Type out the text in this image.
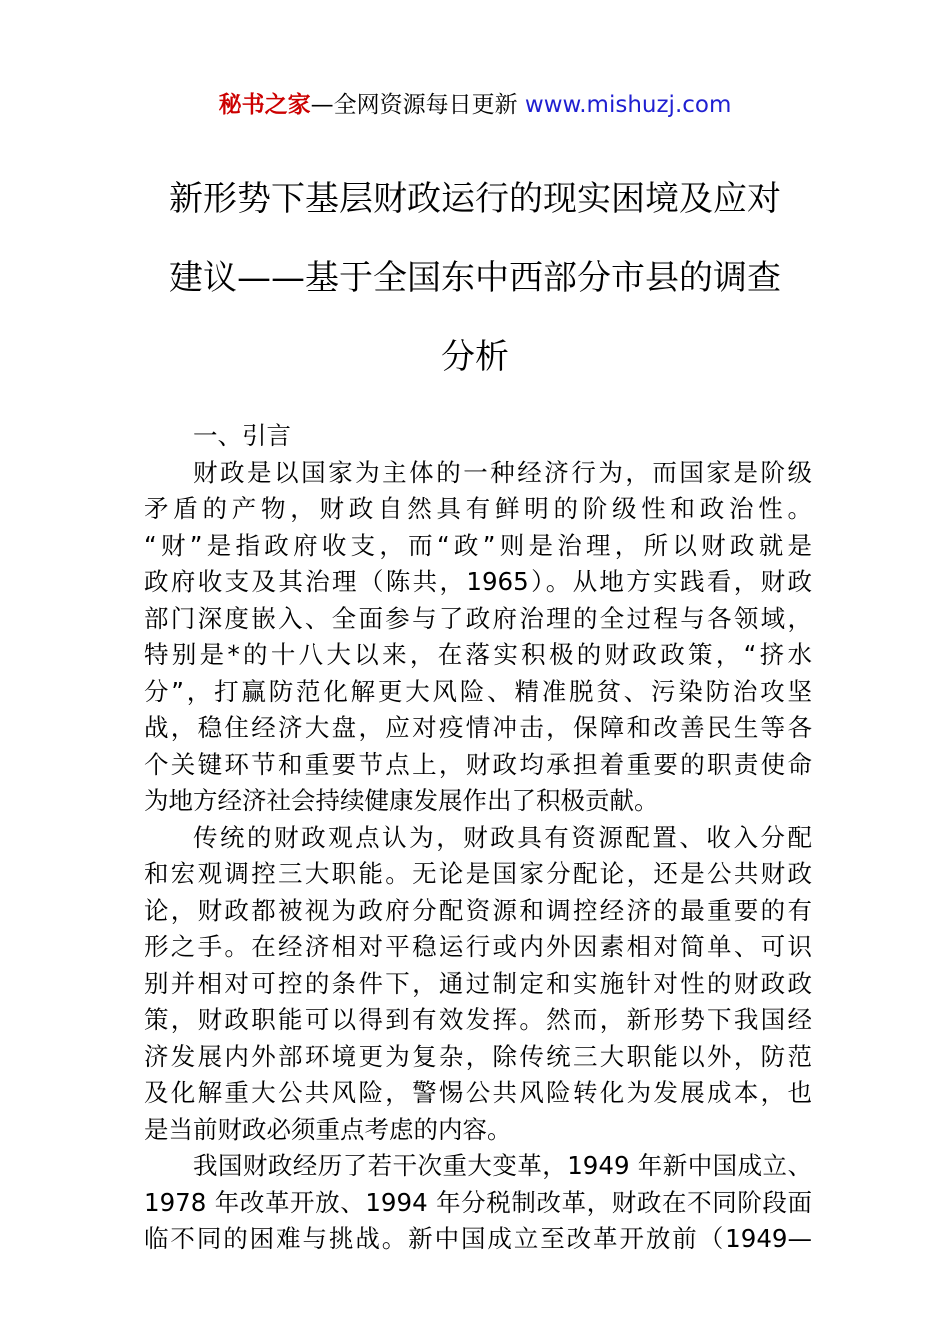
秘书之家—全网资源每日更新 www.mishuzj.com
新形势下基层财政运行的现实困境及应对
建议——基于全国东中西部分市县的调查
分析

一、引言

财政是以国家为主体的一种经济行为，而国家是阶级
矛盾的产物，财政自然具有鲜明的阶级性和政治性。
“财”是指政府收支，而“政”则是治理，所以财政就是
政府收支及其治理（陈共，1965）。从地方实践看，财政
部门深度嵌入、全面参与了政府治理的全过程与各领域，
特别是*的十八大以来，在落实积极的财政政策，“挤水
分”，打赢防范化解更大风险、精准脱贫、污染防治攻坚
战，稳住经济大盘，应对疫情冲击，保障和改善民生等各
个关键环节和重要节点上，财政均承担着重要的职责使命
为地方经济社会持续健康发展作出了积极贡献。

传统的财政观点认为，财政具有资源配置、收入分配
和宏观调控三大职能。无论是国家分配论，还是公共财政
论，财政都被视为政府分配资源和调控经济的最重要的有
形之手。在经济相对平稳运行或内外因素相对简单、可识
别并相对可控的条件下，通过制定和实施针对性的财政政
策，财政职能可以得到有效发挥。然而，新形势下我国经
济发展内外部环境更为复杂，除传统三大职能以外，防范
及化解重大公共风险，警惕公共风险转化为发展成本，也
是当前财政必须重点考虑的内容。

我国财政经历了若干次重大变革，1949 年新中国成立、
1978 年改革开放、1994 年分税制改革，财政在不同阶段面
临不同的困难与挑战。新中国成立至改革开放前（1949—
